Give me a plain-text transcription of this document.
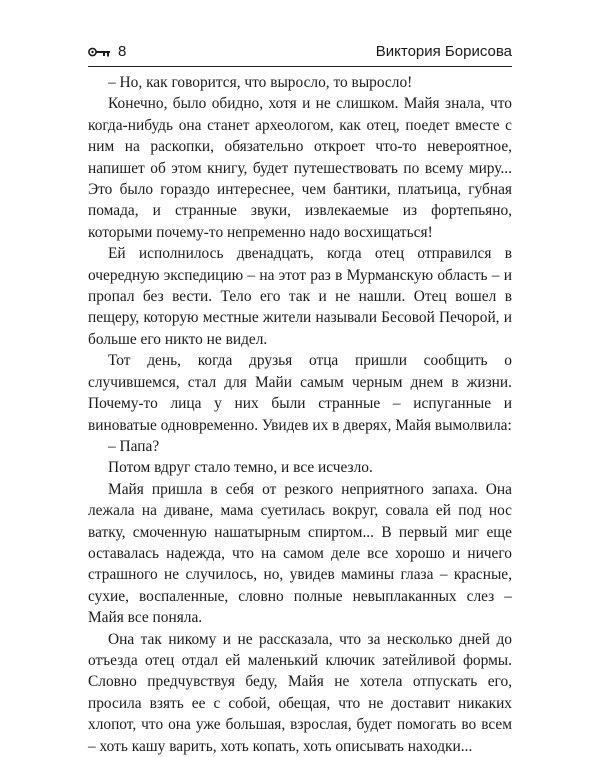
8	Виктория Борисова

– Но, как говорится, что выросло, то выросло!

Конечно, было обидно, хотя и не слишком. Майя знала, что когда-нибудь она станет археологом, как отец, поедет вместе с ним на раскопки, обязательно откроет что-то невероятное, напишет об этом книгу, будет путешествовать по всему миру... Это было гораздо интереснее, чем бантики, платьица, губная помада, и странные звуки, извлекаемые из фортепьяно, которыми почему-то непременно надо восхищаться!

Ей исполнилось двенадцать, когда отец отправился в очередную экспедицию – на этот раз в Мурманскую область – и пропал без вести. Тело его так и не нашли. Отец вошел в пещеру, которую местные жители называли Бесовой Печорой, и больше его никто не видел.

Тот день, когда друзья отца пришли сообщить о случившемся, стал для Майи самым черным днем в жизни. Почему-то лица у них были странные – испуганные и виноватые одновременно. Увидев их в дверях, Майя вымолвила:

– Папа?

Потом вдруг стало темно, и все исчезло.

Майя пришла в себя от резкого неприятного запаха. Она лежала на диване, мама суетилась вокруг, совала ей под нос ватку, смоченную нашатырным спиртом... В первый миг еще оставалась надежда, что на самом деле все хорошо и ничего страшного не случилось, но, увидев мамины глаза – красные, сухие, воспаленные, словно полные невыплаканных слез – Майя все поняла.

Она так никому и не рассказала, что за несколько дней до отъезда отец отдал ей маленький ключик затейливой формы. Словно предчувствуя беду, Майя не хотела отпускать его, просила взять ее с собой, обещая, что не доставит никаких хлопот, что она уже большая, взрослая, будет помогать во всем – хоть кашу варить, хоть копать, хоть описывать находки...
